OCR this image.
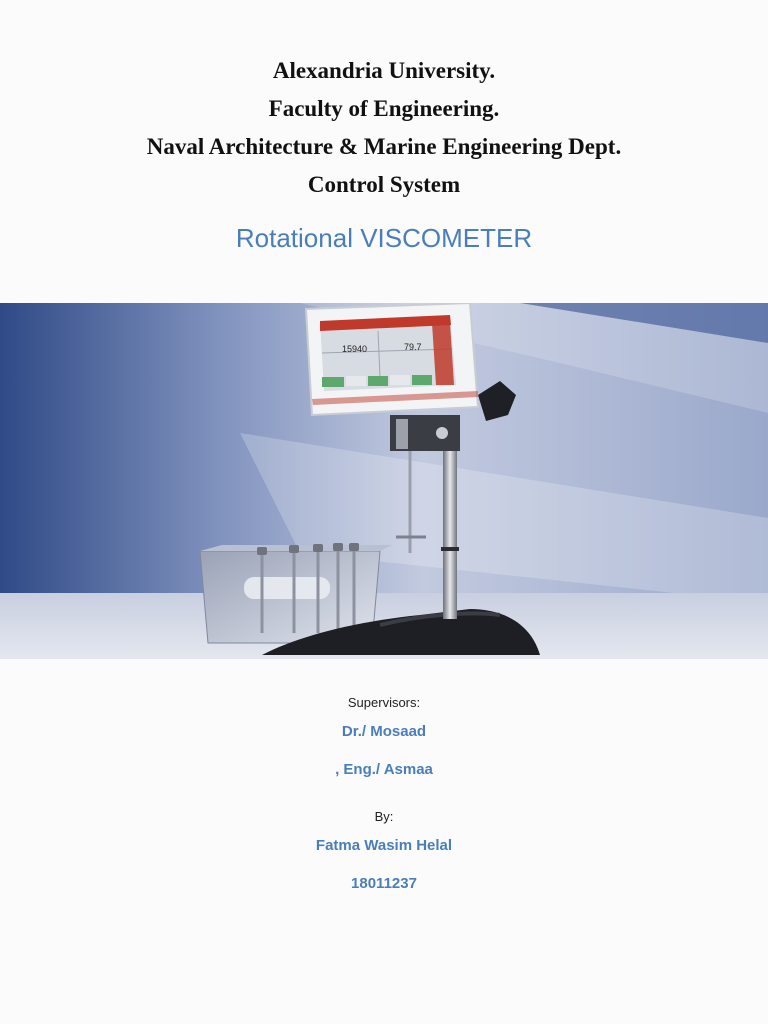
Alexandria University.
Faculty of Engineering.
Naval Architecture & Marine Engineering Dept.
Control System
Rotational VISCOMETER
15940	79.7
Supervisors:
Dr./ Mosaad
, Eng./ Asmaa
By:
Fatma Wasim Helal
18011237
